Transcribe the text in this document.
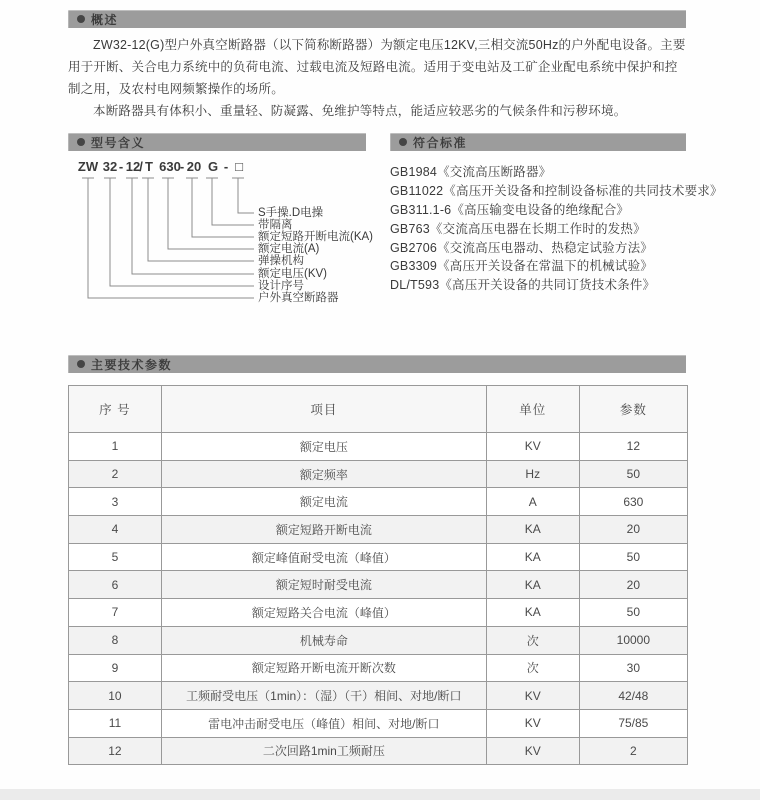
概述

ZW32-12(G)型户外真空断路器（以下简称断路器）为额定电压12KV,三相交流50Hz的户外配电设备。主要用于开断、关合电力系统中的负荷电流、过载电流及短路电流。适用于变电站及工矿企业配电系统中保护和控制之用，及农村电网频繁操作的场所。

本断路器具有体积小、重量轻、防凝露、免维护等特点，能适应较恶劣的气候条件和污秽环境。

型号含义
ZW 32 - 12
/ T 630
- 20 G - □
S手操.D电操
带隔离
额定短路开断电流(KA)
额定电流(A)
弹操机构
额定电压(KV)
设计序号
户外真空断路器
符合标准
GB1984《交流高压断路器》
GB11022《高压开关设备和控制设备标准的共同技术要求》
GB311.1-6《高压输变电设备的绝缘配合》
GB763《交流高压电器在长期工作时的发热》
GB2706《交流高压电器动、热稳定试验方法》
GB3309《高压开关设备在常温下的机械试验》
DL/T593《高压开关设备的共同订货技术条件》
主要技术参数
序 号	项目	单位	参数
1	额定电压	KV	12
2	额定频率	Hz	50
3	额定电流	A	630
4	额定短路开断电流	KA	20
5	额定峰值耐受电流（峰值）	KA	50
6	额定短时耐受电流	KA	20
7	额定短路关合电流（峰值）	KA	50
8	机械寿命	次	10000
9	额定短路开断电流开断次数	次	30
10	工频耐受电压（1min）：（湿）（干）相间、对地/断口	KV	42/48
11	雷电冲击耐受电压（峰值）相间、对地/断口	KV	75/85
12	二次回路1min工频耐压	KV	2
